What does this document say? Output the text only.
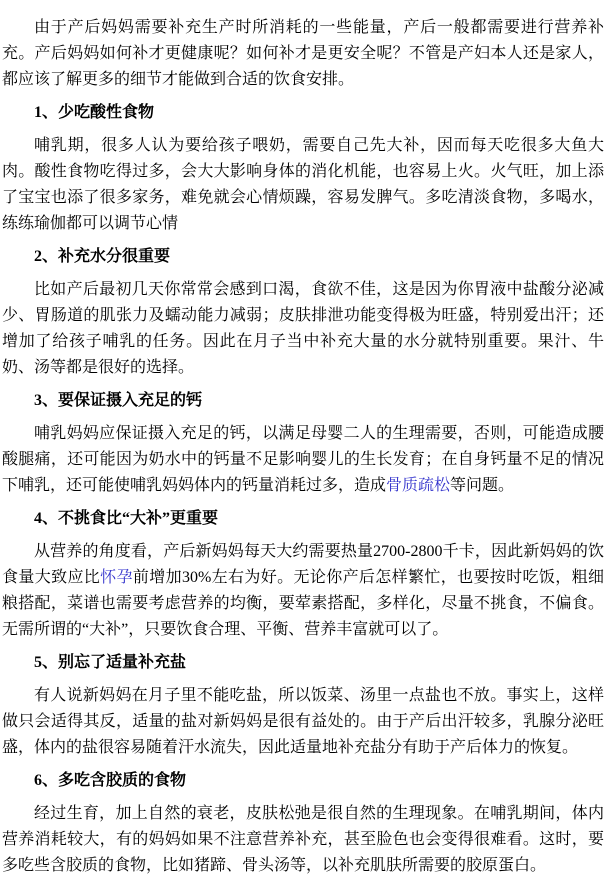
由于产后妈妈需要补充生产时所消耗的一些能量，产后一般都需要进行营养补充。产后妈妈如何补才更健康呢？如何补才是更安全呢？不管是产妇本人还是家人，都应该了解更多的细节才能做到合适的饮食安排。

1、少吃酸性食物

哺乳期，很多人认为要给孩子喂奶，需要自己先大补，因而每天吃很多大鱼大肉。酸性食物吃得过多，会大大影响身体的消化机能，也容易上火。火气旺，加上添了宝宝也添了很多家务，难免就会心情烦躁，容易发脾气。多吃清淡食物，多喝水，练练瑜伽都可以调节心情

2、补充水分很重要

比如产后最初几天你常常会感到口渴，食欲不佳，这是因为你胃液中盐酸分泌减少、胃肠道的肌张力及蠕动能力减弱；皮肤排泄功能变得极为旺盛，特别爱出汗；还增加了给孩子哺乳的任务。因此在月子当中补充大量的水分就特别重要。果汁、牛奶、汤等都是很好的选择。

3、要保证摄入充足的钙

哺乳妈妈应保证摄入充足的钙，以满足母婴二人的生理需要，否则，可能造成腰酸腿痛，还可能因为奶水中的钙量不足影响婴儿的生长发育；在自身钙量不足的情况下哺乳，还可能使哺乳妈妈体内的钙量消耗过多，造成骨质疏松等问题。

4、不挑食比“大补”更重要

从营养的角度看，产后新妈妈每天大约需要热量2700-2800千卡，因此新妈妈的饮食量大致应比怀孕前增加30%左右为好。无论你产后怎样繁忙，也要按时吃饭，粗细粮搭配，菜谱也需要考虑营养的均衡，要荤素搭配，多样化，尽量不挑食，不偏食。无需所谓的“大补”，只要饮食合理、平衡、营养丰富就可以了。

5、别忘了适量补充盐

有人说新妈妈在月子里不能吃盐，所以饭菜、汤里一点盐也不放。事实上，这样做只会适得其反，适量的盐对新妈妈是很有益处的。由于产后出汗较多，乳腺分泌旺盛，体内的盐很容易随着汗水流失，因此适量地补充盐分有助于产后体力的恢复。

6、多吃含胶质的食物

经过生育，加上自然的衰老，皮肤松弛是很自然的生理现象。在哺乳期间，体内营养消耗较大，有的妈妈如果不注意营养补充，甚至脸色也会变得很难看。这时，要多吃些含胶质的食物，比如猪蹄、骨头汤等，以补充肌肤所需要的胶原蛋白。
